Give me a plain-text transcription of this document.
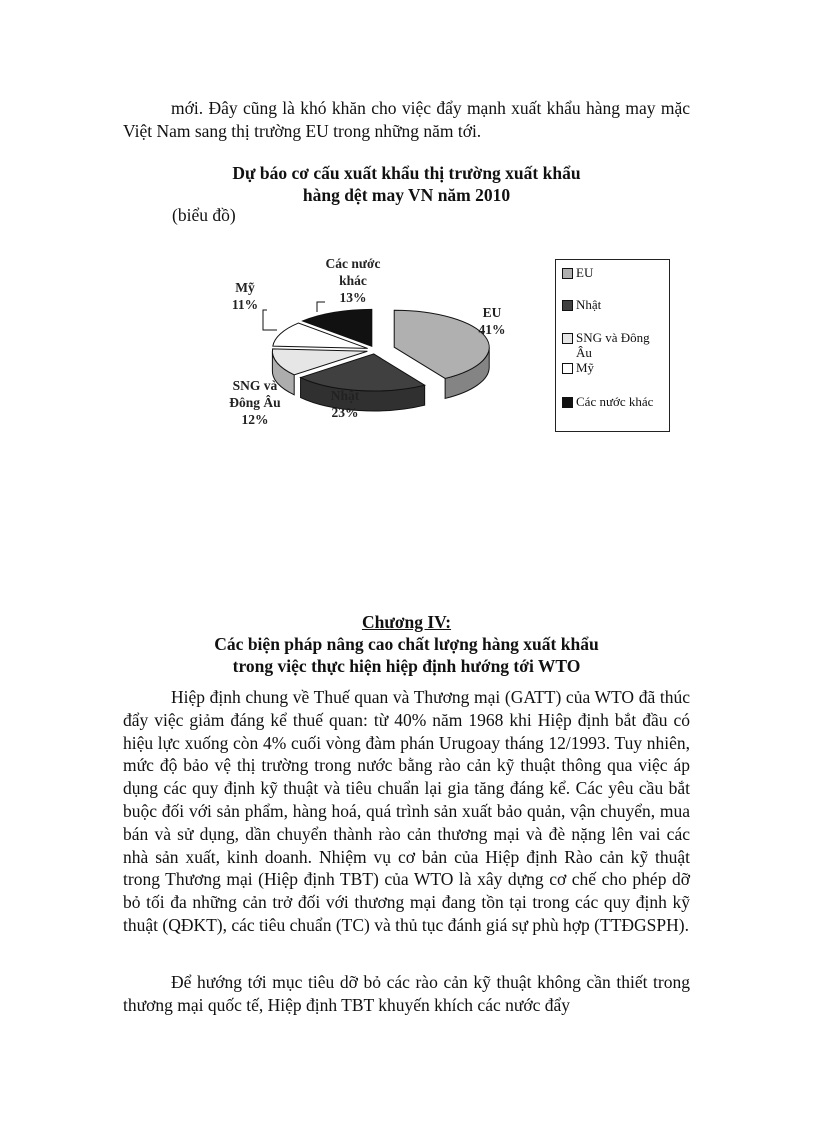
mới. Đây cũng là khó khăn cho việc đẩy mạnh xuất khẩu hàng may mặc Việt Nam sang thị trường EU trong những năm tới.

Dự báo cơ cấu xuất khẩu thị trường xuất khẩu
hàng dệt may VN năm 2010

(biểu đồ)

EU 41%
Nhật 23%
SNG và Đông Âu 12%
Mỹ 11%
Các nước khác 13%
EU
Nhật
SNG và Đông Âu
Mỹ
Các nước khác
Chương IV:
Các biện pháp nâng cao chất lượng hàng xuất khẩu
trong việc thực hiện hiệp định hướng tới WTO

Hiệp định chung về Thuế quan và Thương mại (GATT) của WTO đã thúc đẩy việc giảm đáng kể thuế quan: từ 40% năm 1968 khi Hiệp định bắt đầu có hiệu lực xuống còn 4% cuối vòng đàm phán Urugoay tháng 12/1993. Tuy nhiên, mức độ bảo vệ thị trường trong nước bằng rào cản kỹ thuật thông qua việc áp dụng các quy định kỹ thuật và tiêu chuẩn lại gia tăng đáng kể. Các yêu cầu bắt buộc đối với sản phẩm, hàng hoá, quá trình sản xuất bảo quản, vận chuyển, mua bán và sử dụng, dần chuyển thành rào cản thương mại và đè nặng lên vai các nhà sản xuất, kinh doanh. Nhiệm vụ cơ bản của Hiệp định Rào cản kỹ thuật trong Thương mại (Hiệp định TBT) của WTO là xây dựng cơ chế cho phép dỡ bỏ tối đa những cản trở đối với thương mại đang tồn tại trong các quy định kỹ thuật (QĐKT), các tiêu chuẩn (TC) và thủ tục đánh giá sự phù hợp (TTĐGSPH).

Để hướng tới mục tiêu dỡ bỏ các rào cản kỹ thuật không cần thiết trong thương mại quốc tế, Hiệp định TBT khuyến khích các nước đẩy
